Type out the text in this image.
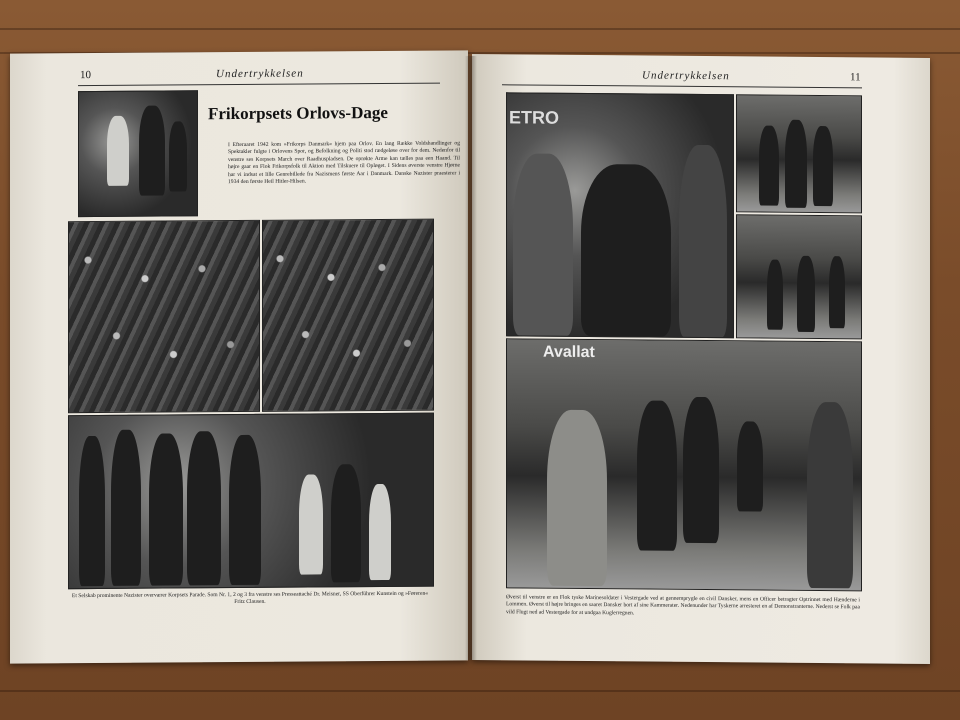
10	Undertrykkelsen
Frikorpsets Orlovs-Dage
I Efteraaret 1942 kom »Frikorps Danmark« hjem paa Orlov. En lang Række Voldshandlinger og Spektakler fulgte i Orlovens Spor, og Befolkning og Politi stod rædgeløse over for dem. Nedenfor til venstre ses Korpsets March over Raadhuspladsen. De oprøkte Arme kan tælles paa een Haand. Til højre gaar en Flok Frikorpsfolk til Aktion med Tilskuere til Opløget. I Sidens øverste venstre Hjørne har vi indsat et lille Genrebillede fra Nazismens første Aar i Danmark. Danske Nazister praesterer i 1934 den første Heil Hitler-Hilsen.
Et Selskab prominente Nazister overværer Korpsets Parade. Som Nr. 1, 2 og 3 fra venstre ses Presseattaché Dr. Meisner, SS Oberführer Kunstein og »Føreren« Fritz Clausen.
Undertrykkelsen	11
ETRO
Avallat
Øverst til venstre er en Flok tyske Marinesoldater i Vestergade ved at gennemprygle en civil Dansker, mens en Officer betragter Optrinnet med Hænderne i Lommen. Øverst til højre bringes en saaret Dansker bort af sine Kammerater. Nedenunder har Tyskerne arresteret en af Demonstranterne. Nederst se Folk paa vild Flugt ned ad Vestergade for at undgaa Kuglerregnen.
